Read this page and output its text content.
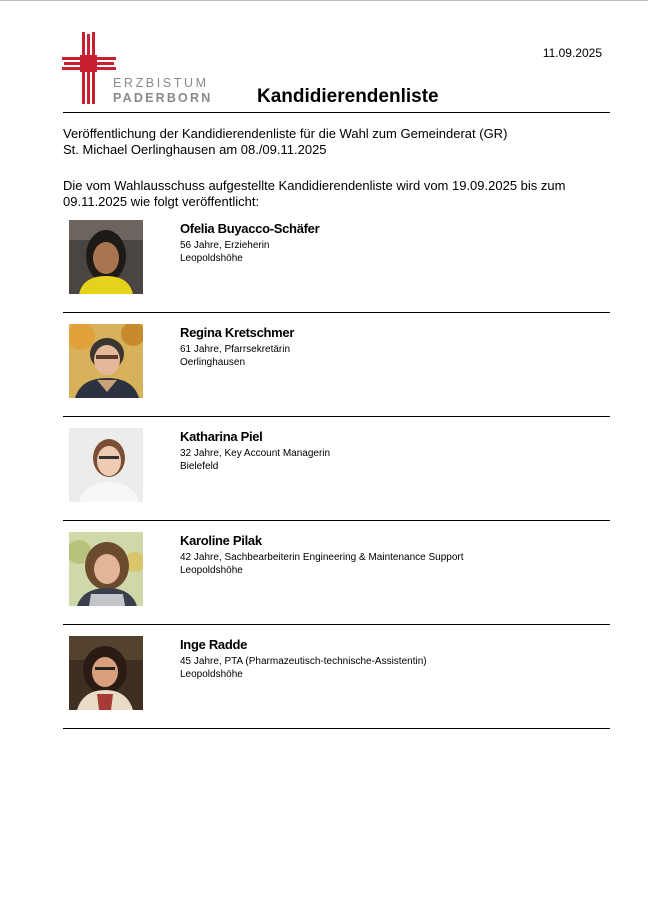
ERZBISTUM
PADERBORN
11.09.2025
Kandidierendenliste

Veröffentlichung der Kandidierendenliste für die Wahl zum Gemeinderat (GR)
St. Michael Oerlinghausen am 08./09.11.2025

Die vom Wahlausschuss aufgestellte Kandidierendenliste wird vom 19.09.2025 bis zum
09.11.2025 wie folgt veröffentlicht:

Ofelia Buyacco-Schäfer
56 Jahre, Erzieherin
Leopoldshöhe
Regina Kretschmer
61 Jahre, Pfarrsekretärin
Oerlinghausen
Katharina Piel
32 Jahre, Key Account Managerin
Bielefeld
Karoline Pilak
42 Jahre, Sachbearbeiterin Engineering & Maintenance Support
Leopoldshöhe
Inge Radde
45 Jahre, PTA (Pharmazeutisch-technische-Assistentin)
Leopoldshöhe
